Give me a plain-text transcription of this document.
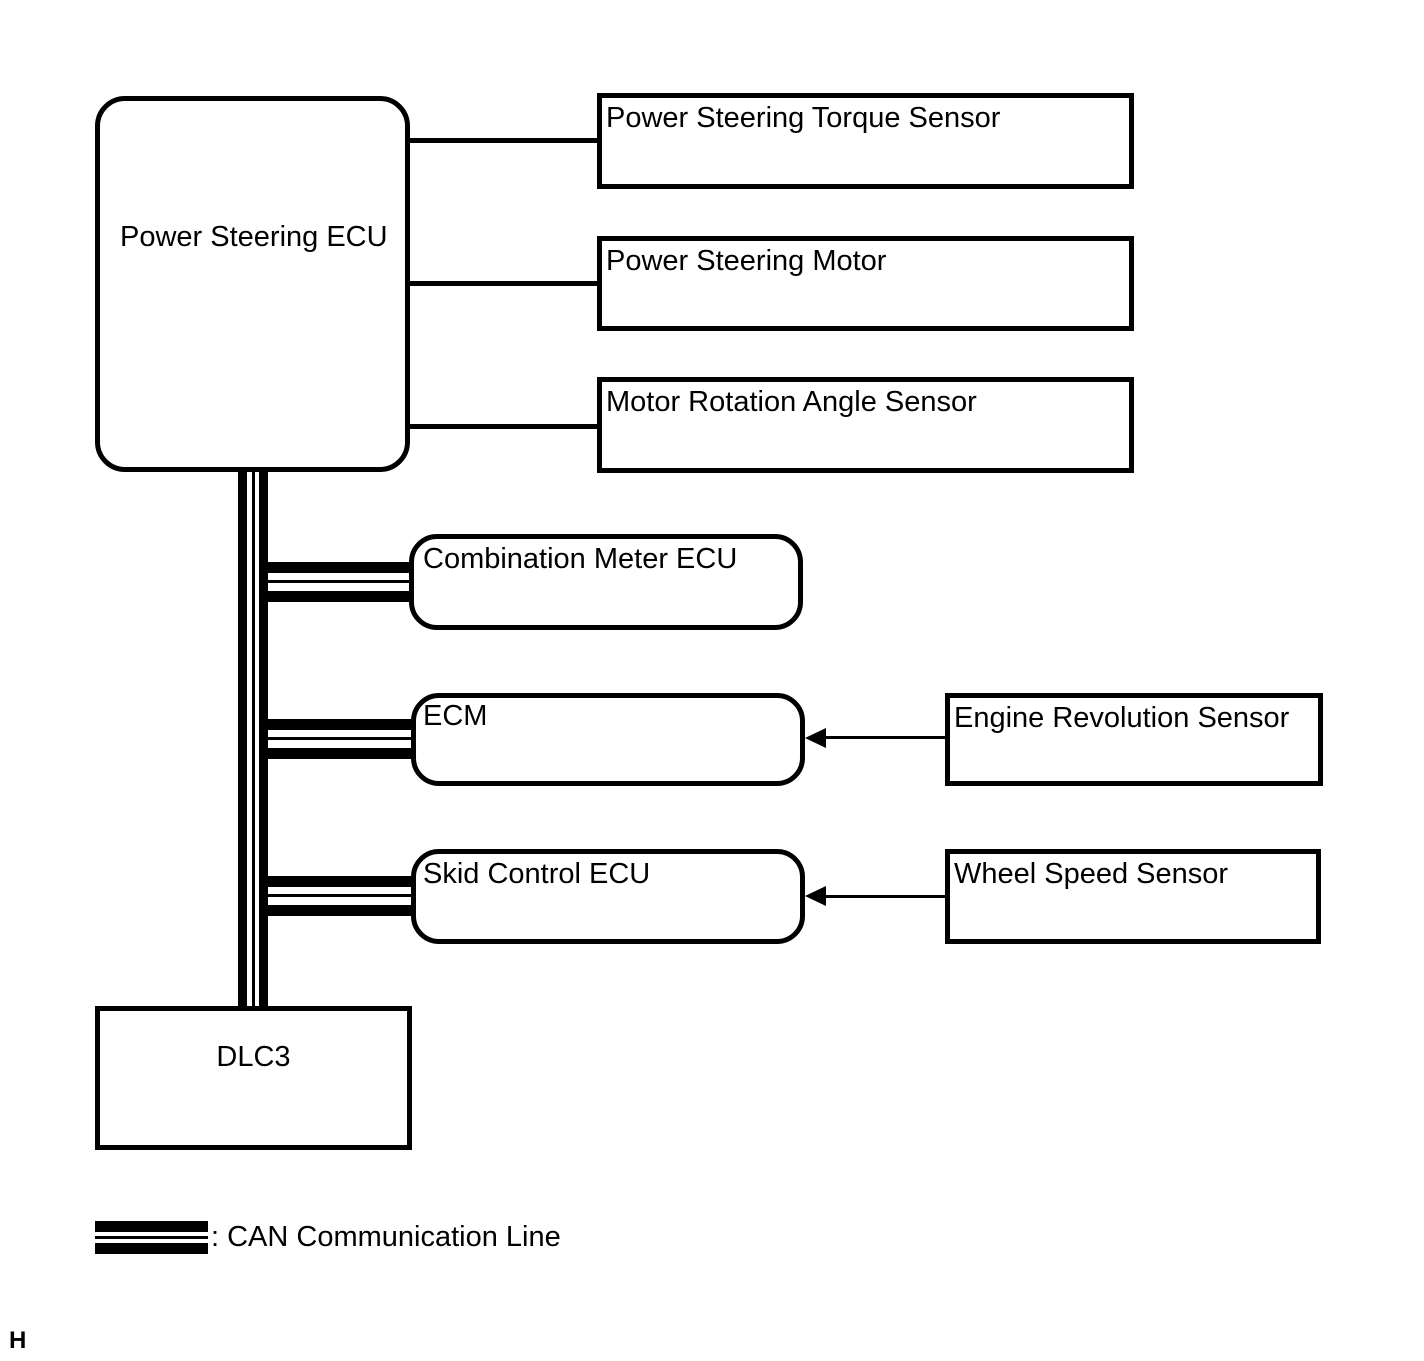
Power Steering ECU
Power Steering Torque Sensor
Power Steering Motor
Motor Rotation Angle Sensor
Combination Meter ECU
ECM	Engine Revolution Sensor
Skid Control ECU	Wheel Speed Sensor
DLC3
: CAN Communication Line
H
